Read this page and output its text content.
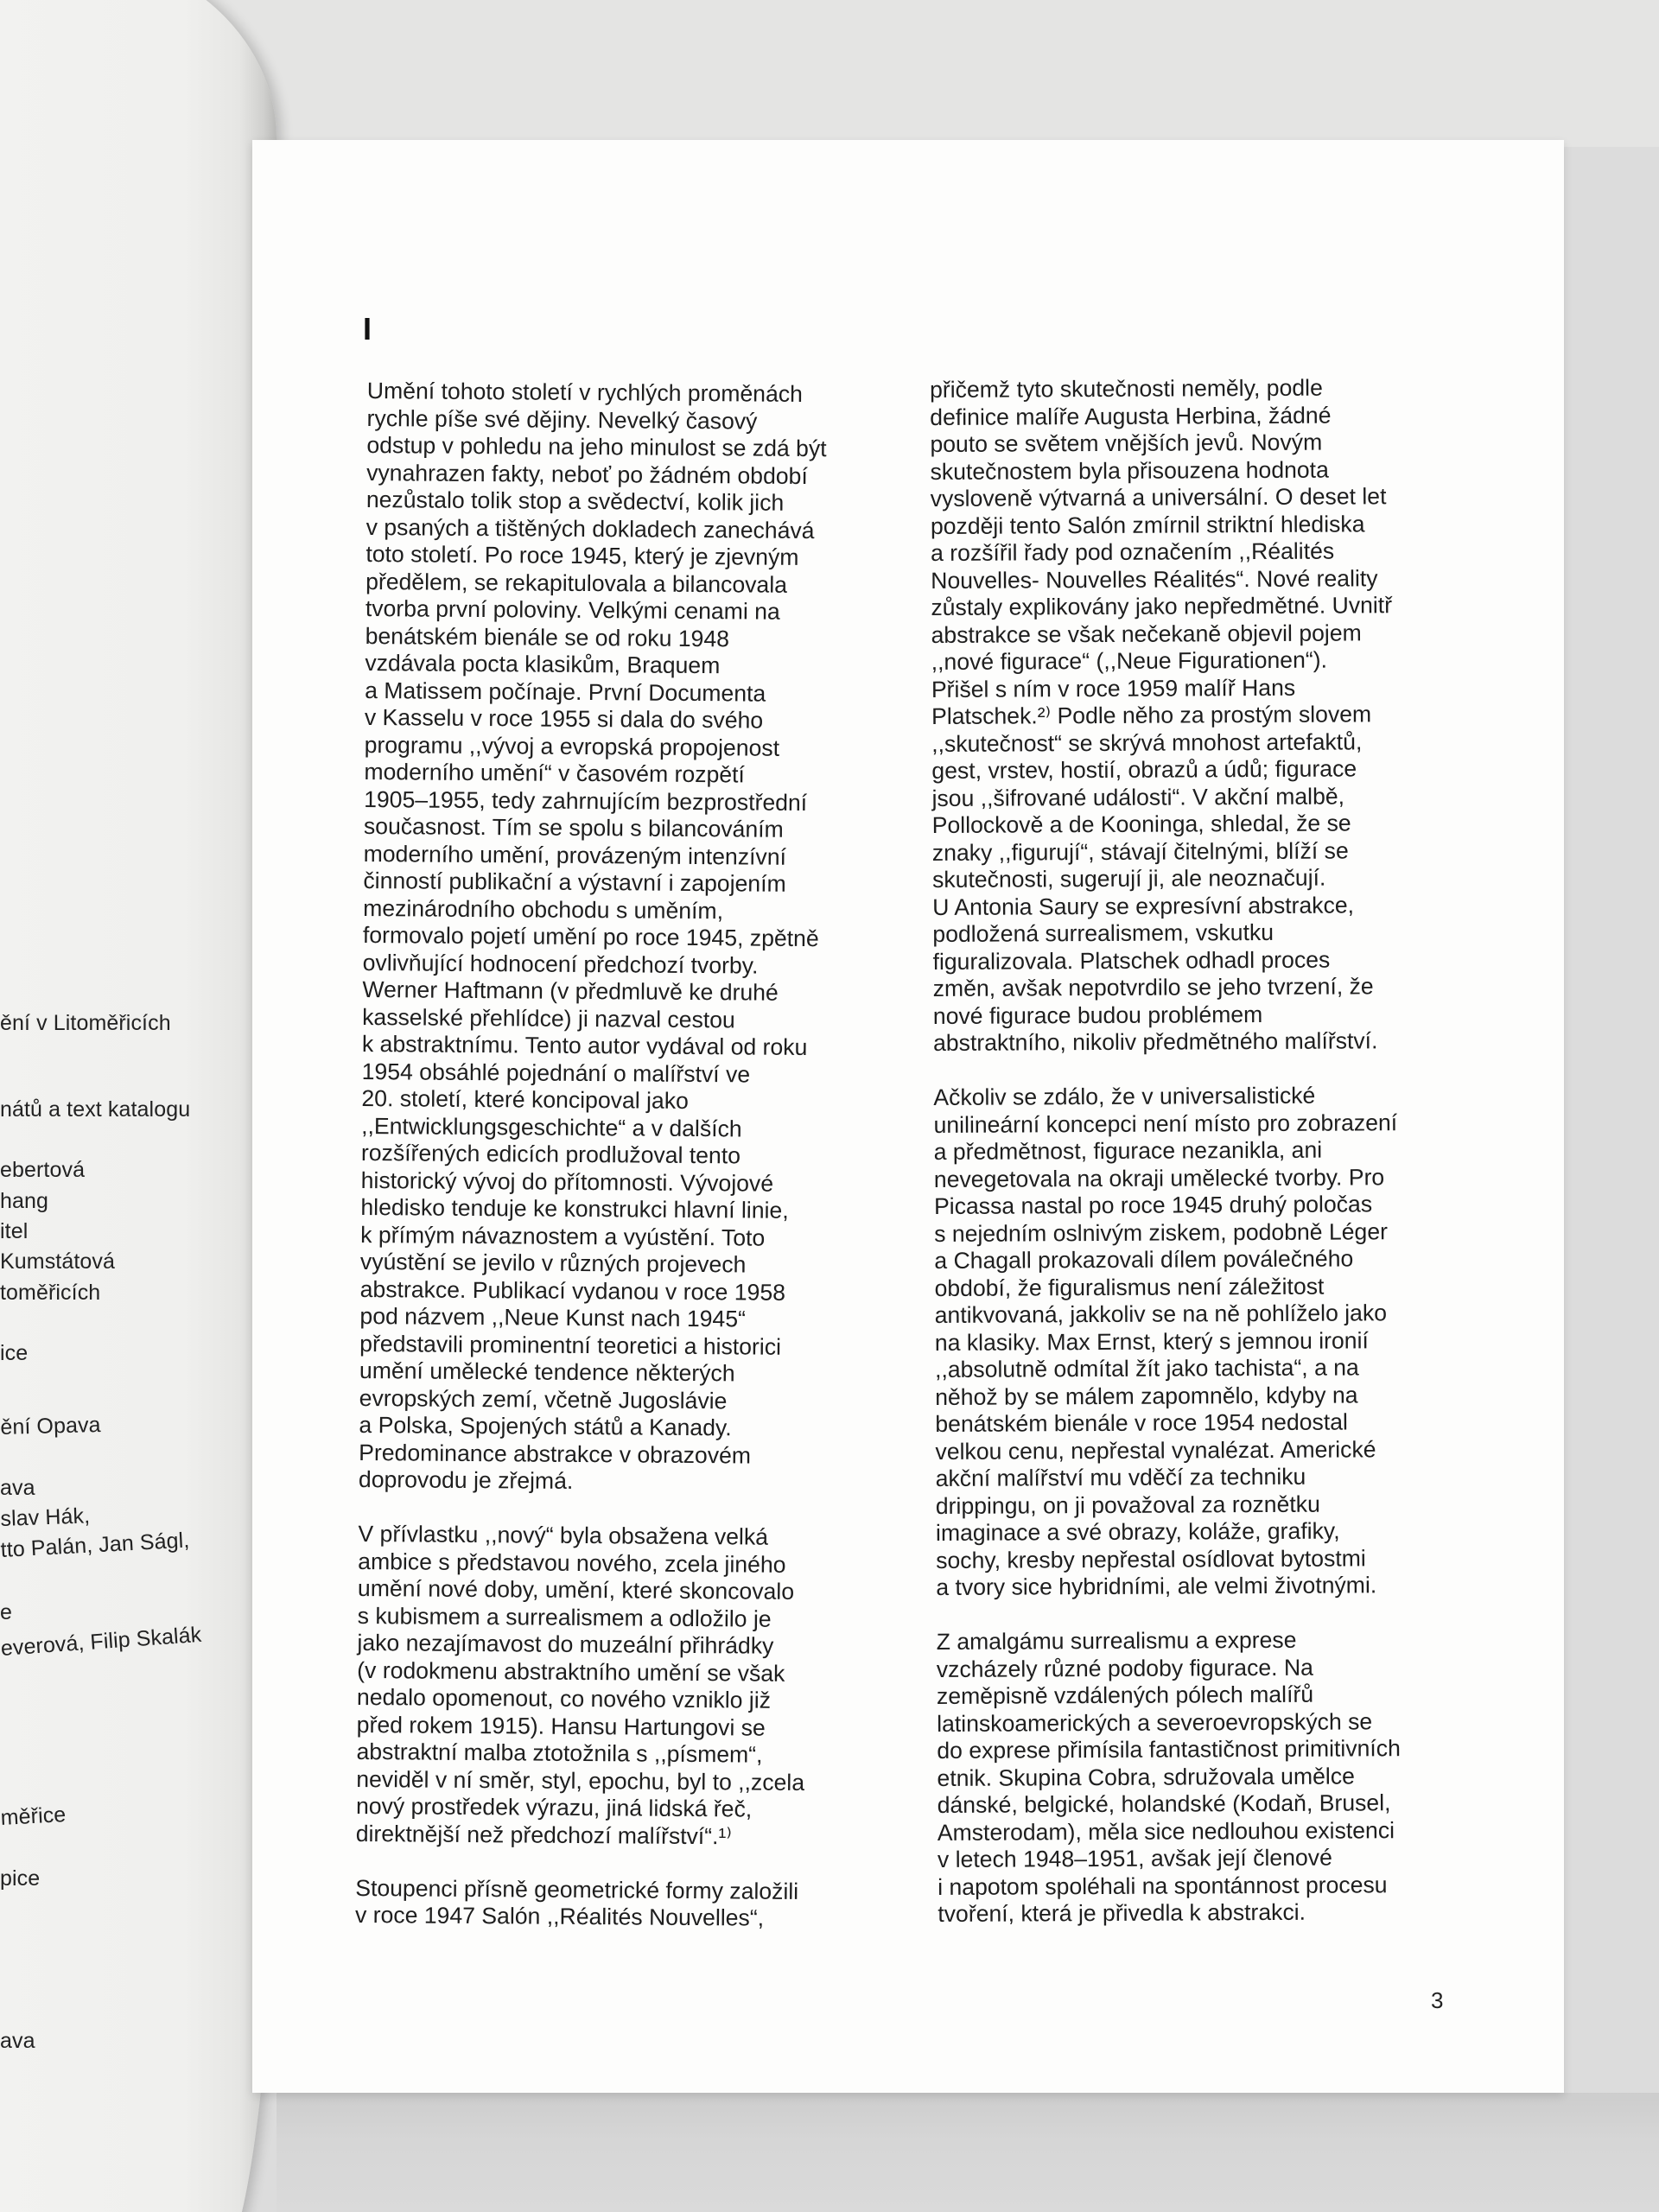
ění v Litoměřicích
nátů a text katalogu
ebertová
hang
itel
Kumstátová
toměřicích
ice
ění Opava
ava
slav Hák,
tto Palán, Jan Ságl,
e
everová, Filip Skalák
měřice
pice
ava
I
Umění tohoto století v rychlých proměnách
rychle píše své dějiny. Nevelký časový
odstup v pohledu na jeho minulost se zdá být
vynahrazen fakty, neboť po žádném období
nezůstalo tolik stop a svědectví, kolik jich
v psaných a tištěných dokladech zanechává
toto století. Po roce 1945, který je zjevným
předělem, se rekapitulovala a bilancovala
tvorba první poloviny. Velkými cenami na
benátském bienále se od roku 1948
vzdávala pocta klasikům, Braquem
a Matissem počínaje. První Documenta
v Kasselu v roce 1955 si dala do svého
programu ,,vývoj a evropská propojenost
moderního umění“ v časovém rozpětí
1905–1955, tedy zahrnujícím bezprostřední
současnost. Tím se spolu s bilancováním
moderního umění, provázeným intenzívní
činností publikační a výstavní i zapojením
mezinárodního obchodu s uměním,
formovalo pojetí umění po roce 1945, zpětně
ovlivňující hodnocení předchozí tvorby.
Werner Haftmann (v předmluvě ke druhé
kasselské přehlídce) ji nazval cestou
k abstraktnímu. Tento autor vydával od roku
1954 obsáhlé pojednání o malířství ve
20. století, které koncipoval jako
,,Entwicklungsgeschichte“ a v dalších
rozšířených edicích prodlužoval tento
historický vývoj do přítomnosti. Vývojové
hledisko tenduje ke konstrukci hlavní linie,
k přímým návaznostem a vyústění. Toto
vyústění se jevilo v různých projevech
abstrakce. Publikací vydanou v roce 1958
pod názvem ,,Neue Kunst nach 1945“
představili prominentní teoretici a historici
umění umělecké tendence některých
evropských zemí, včetně Jugoslávie
a Polska, Spojených států a Kanady.
Predominance abstrakce v obrazovém
doprovodu je zřejmá.
V přívlastku ,,nový“ byla obsažena velká
ambice s představou nového, zcela jiného
umění nové doby, umění, které skoncovalo
s kubismem a surrealismem a odložilo je
jako nezajímavost do muzeální přihrádky
(v rodokmenu abstraktního umění se však
nedalo opomenout, co nového vzniklo již
před rokem 1915). Hansu Hartungovi se
abstraktní malba ztotožnila s ,,písmem“,
neviděl v ní směr, styl, epochu, byl to ,,zcela
nový prostředek výrazu, jiná lidská řeč,
direktnější než předchozí malířství“.¹⁾
Stoupenci přísně geometrické formy založili
v roce 1947 Salón ,,Réalités Nouvelles“,
přičemž tyto skutečnosti neměly, podle
definice malíře Augusta Herbina, žádné
pouto se světem vnějších jevů. Novým
skutečnostem byla přisouzena hodnota
vysloveně výtvarná a universální. O deset let
později tento Salón zmírnil striktní hlediska
a rozšířil řady pod označením ,,Réalités
Nouvelles- Nouvelles Réalités“. Nové reality
zůstaly explikovány jako nepředmětné. Uvnitř
abstrakce se však nečekaně objevil pojem
,,nové figurace“ (,,Neue Figurationen“).
Přišel s ním v roce 1959 malíř Hans
Platschek.²⁾ Podle něho za prostým slovem
,,skutečnost“ se skrývá mnohost artefaktů,
gest, vrstev, hostií, obrazů a údů; figurace
jsou ,,šifrované události“. V akční malbě,
Pollockově a de Kooninga, shledal, že se
znaky ,,figurují“, stávají čitelnými, blíží se
skutečnosti, sugerují ji, ale neoznačují.
U Antonia Saury se expresívní abstrakce,
podložená surrealismem, vskutku
figuralizovala. Platschek odhadl proces
změn, avšak nepotvrdilo se jeho tvrzení, že
nové figurace budou problémem
abstraktního, nikoliv předmětného malířství.
Ačkoliv se zdálo, že v universalistické
unilineární koncepci není místo pro zobrazení
a předmětnost, figurace nezanikla, ani
nevegetovala na okraji umělecké tvorby. Pro
Picassa nastal po roce 1945 druhý poločas
s nejedním oslnivým ziskem, podobně Léger
a Chagall prokazovali dílem poválečného
období, že figuralismus není záležitost
antikvovaná, jakkoliv se na ně pohlíželo jako
na klasiky. Max Ernst, který s jemnou ironií
,,absolutně odmítal žít jako tachista“, a na
něhož by se málem zapomnělo, kdyby na
benátském bienále v roce 1954 nedostal
velkou cenu, nepřestal vynalézat. Americké
akční malířství mu vděčí za techniku
drippingu, on ji považoval za roznětku
imaginace a své obrazy, koláže, grafiky,
sochy, kresby nepřestal osídlovat bytostmi
a tvory sice hybridními, ale velmi životnými.
Z amalgámu surrealismu a exprese
vzcházely různé podoby figurace. Na
zeměpisně vzdálených pólech malířů
latinskoamerických a severoevropských se
do exprese přimísila fantastičnost primitivních
etnik. Skupina Cobra, sdružovala umělce
dánské, belgické, holandské (Kodaň, Brusel,
Amsterodam), měla sice nedlouhou existenci
v letech 1948–1951, avšak její členové
i napotom spoléhali na spontánnost procesu
tvoření, která je přivedla k abstrakci.
3
